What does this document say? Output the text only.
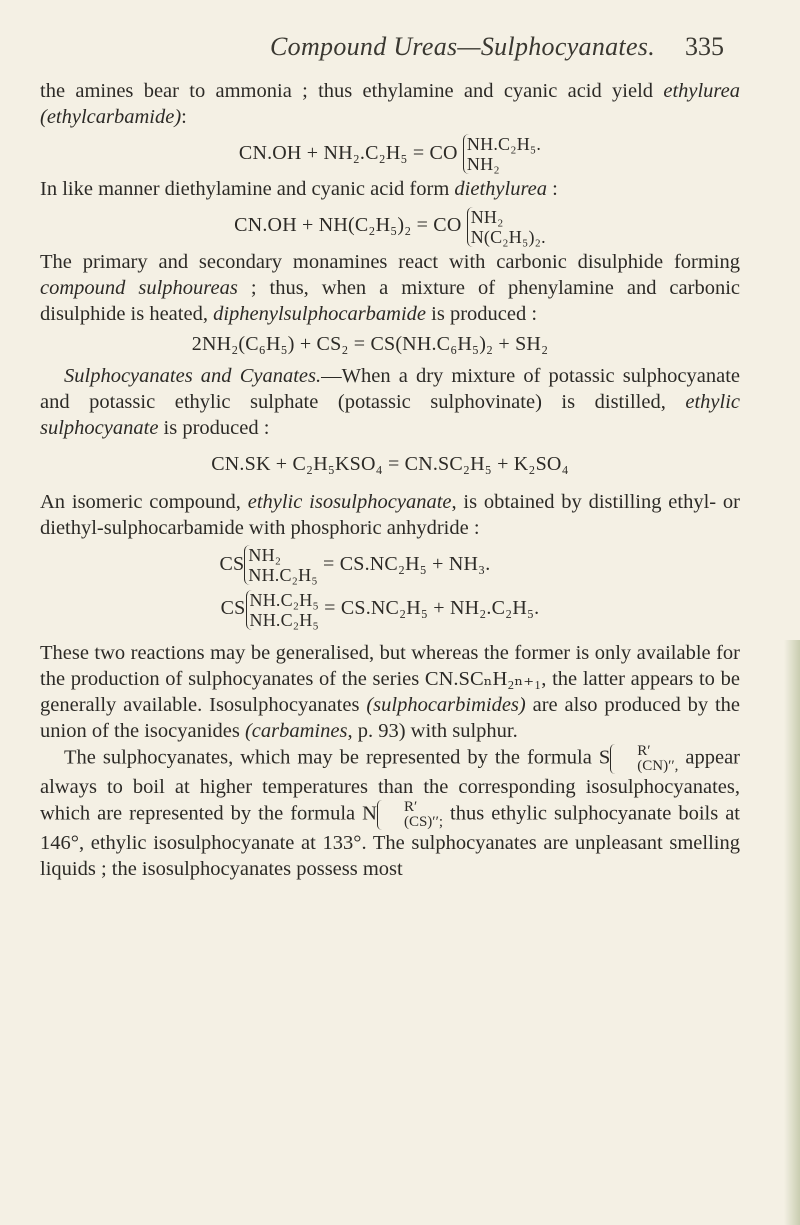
Compound Ureas—Sulphocyanates. 335

the amines bear to ammonia ; thus ethylamine and cyanic acid yield ethylurea (ethylcarbamide):

CN.OH + NH₂.C₂H₅ = CO NH.C₂H₅.
NH₂

In like manner diethylamine and cyanic acid form diethylurea :

CN.OH + NH(C₂H₅)₂ = CO NH₂
N(C₂H₅)₂.

The primary and secondary monamines react with carbonic disulphide forming compound sulphoureas ; thus, when a mixture of phenylamine and carbonic disulphide is heated, diphenylsulphocarbamide is produced :

2NH₂(C₆H₅) + CS₂ = CS(NH.C₆H₅)₂ + SH₂

Sulphocyanates and Cyanates.—When a dry mixture of potassic sulphocyanate and potassic ethylic sulphate (potassic sulphovinate) is distilled, ethylic sulphocyanate is produced :

CN.SK + C₂H₅KSO₄ = CN.SC₂H₅ + K₂SO₄

An isomeric compound, ethylic isosulphocyanate, is obtained by distilling ethyl- or diethyl-sulphocarbamide with phosphoric anhydride :

CS NH₂
NH.C₂H₅
= CS.NC₂H₅ + NH₃.
CS NH.C₂H₅
NH.C₂H₅
= CS.NC₂H₅ + NH₂.C₂H₅.

These two reactions may be generalised, but whereas the former is only available for the production of sulphocyanates of the series CN.SCₙH₂ₙ₊₁, the latter appears to be generally available. Isosulphocyanates (sulphocarbimides) are also produced by the union of the isocyanides (carbamines, p. 93) with sulphur.

The sulphocyanates, which may be represented by the formula S	R′
(CN)′′, appear always to boil at higher temperatures than the corresponding isosulphocyanates, which are represented by the formula N	R′
(CS)′′; thus ethylic sulphocyanate boils at 146°, ethylic isosulphocyanate at 133°. The sulphocyanates are unpleasant smelling liquids ; the isosulphocyanates possess most
